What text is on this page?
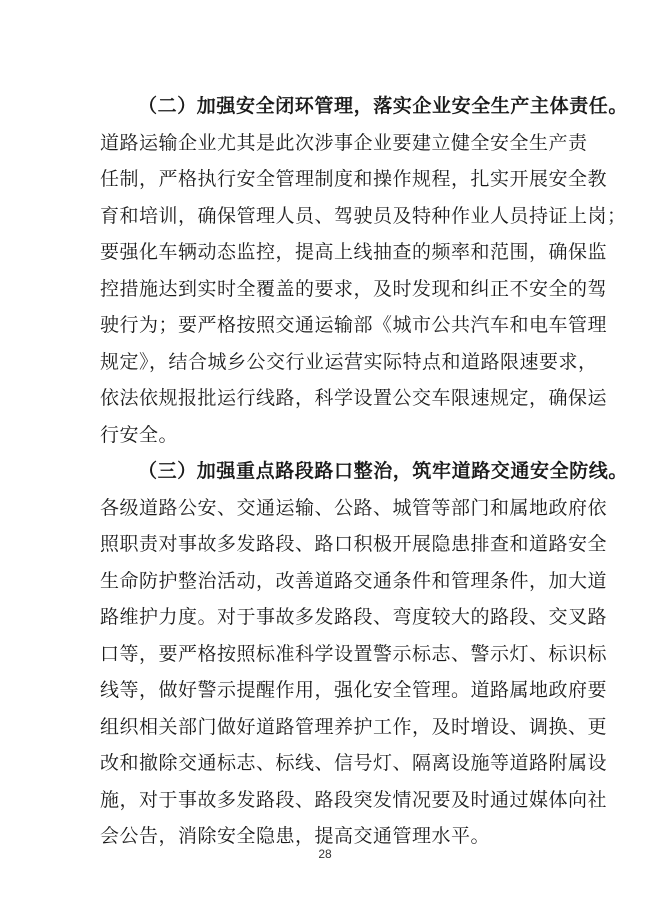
（二）加强安全闭环管理，落实企业安全生产主体责任。

道路运输企业尤其是此次涉事企业要建立健全安全生产责

任制，严格执行安全管理制度和操作规程，扎实开展安全教

育和培训，确保管理人员、驾驶员及特种作业人员持证上岗；

要强化车辆动态监控，提高上线抽查的频率和范围，确保监

控措施达到实时全覆盖的要求，及时发现和纠正不安全的驾

驶行为；要严格按照交通运输部《城市公共汽车和电车管理

规定》，结合城乡公交行业运营实际特点和道路限速要求，

依法依规报批运行线路，科学设置公交车限速规定，确保运

行安全。

（三）加强重点路段路口整治，筑牢道路交通安全防线。

各级道路公安、交通运输、公路、城管等部门和属地政府依

照职责对事故多发路段、路口积极开展隐患排查和道路安全

生命防护整治活动，改善道路交通条件和管理条件，加大道

路维护力度。对于事故多发路段、弯度较大的路段、交叉路

口等，要严格按照标准科学设置警示标志、警示灯、标识标

线等，做好警示提醒作用，强化安全管理。道路属地政府要

组织相关部门做好道路管理养护工作，及时增设、调换、更

改和撤除交通标志、标线、信号灯、隔离设施等道路附属设

施，对于事故多发路段、路段突发情况要及时通过媒体向社

会公告，消除安全隐患，提高交通管理水平。

28
